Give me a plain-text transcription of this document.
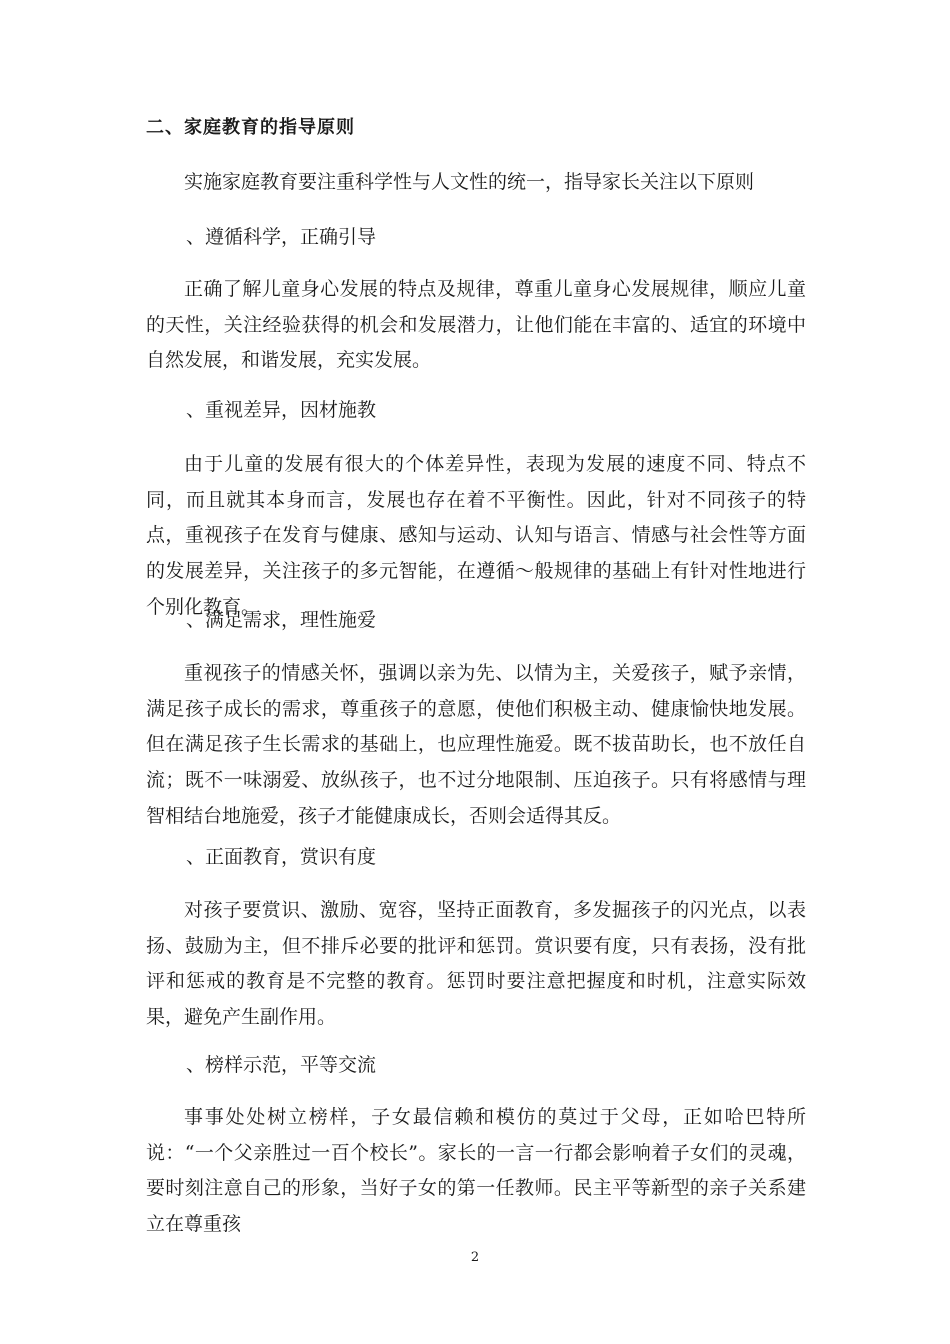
二、家庭教育的指导原则
实施家庭教育要注重科学性与人文性的统一，指导家长关注以下原则
、遵循科学，正确引导

正确了解儿童身心发展的特点及规律，尊重儿童身心发展规律，顺应儿童的天性，关注经验获得的机会和发展潜力，让他们能在丰富的、适宜的环境中自然发展，和谐发展，充实发展。

、重视差异，因材施教

由于儿童的发展有很大的个体差异性，表现为发展的速度不同、特点不同，而且就其本身而言，发展也存在着不平衡性。因此，针对不同孩子的特点，重视孩子在发育与健康、感知与运动、认知与语言、情感与社会性等方面的发展差异，关注孩子的多元智能，在遵循～般规律的基础上有针对性地进行个别化教育。

、满足需求，理性施爱

重视孩子的情感关怀，强调以亲为先、以情为主，关爱孩子，赋予亲情，满足孩子成长的需求，尊重孩子的意愿，使他们积极主动、健康愉快地发展。但在满足孩子生长需求的基础上，也应理性施爱。既不拔苗助长，也不放任自流；既不一味溺爱、放纵孩子，也不过分地限制、压迫孩子。只有将感情与理智相结台地施爱，孩子才能健康成长，否则会适得其反。

、正面教育，赏识有度

对孩子要赏识、激励、宽容，坚持正面教育，多发掘孩子的闪光点，以表扬、鼓励为主，但不排斥必要的批评和惩罚。赏识要有度，只有表扬，没有批评和惩戒的教育是不完整的教育。惩罚时要注意把握度和时机，注意实际效果，避免产生副作用。

、榜样示范，平等交流

事事处处树立榜样，子女最信赖和模仿的莫过于父母，正如哈巴特所说：“一个父亲胜过一百个校长”。家长的一言一行都会影响着子女们的灵魂，要时刻注意自己的形象，当好子女的第一任教师。民主平等新型的亲子关系建立在尊重孩

2
